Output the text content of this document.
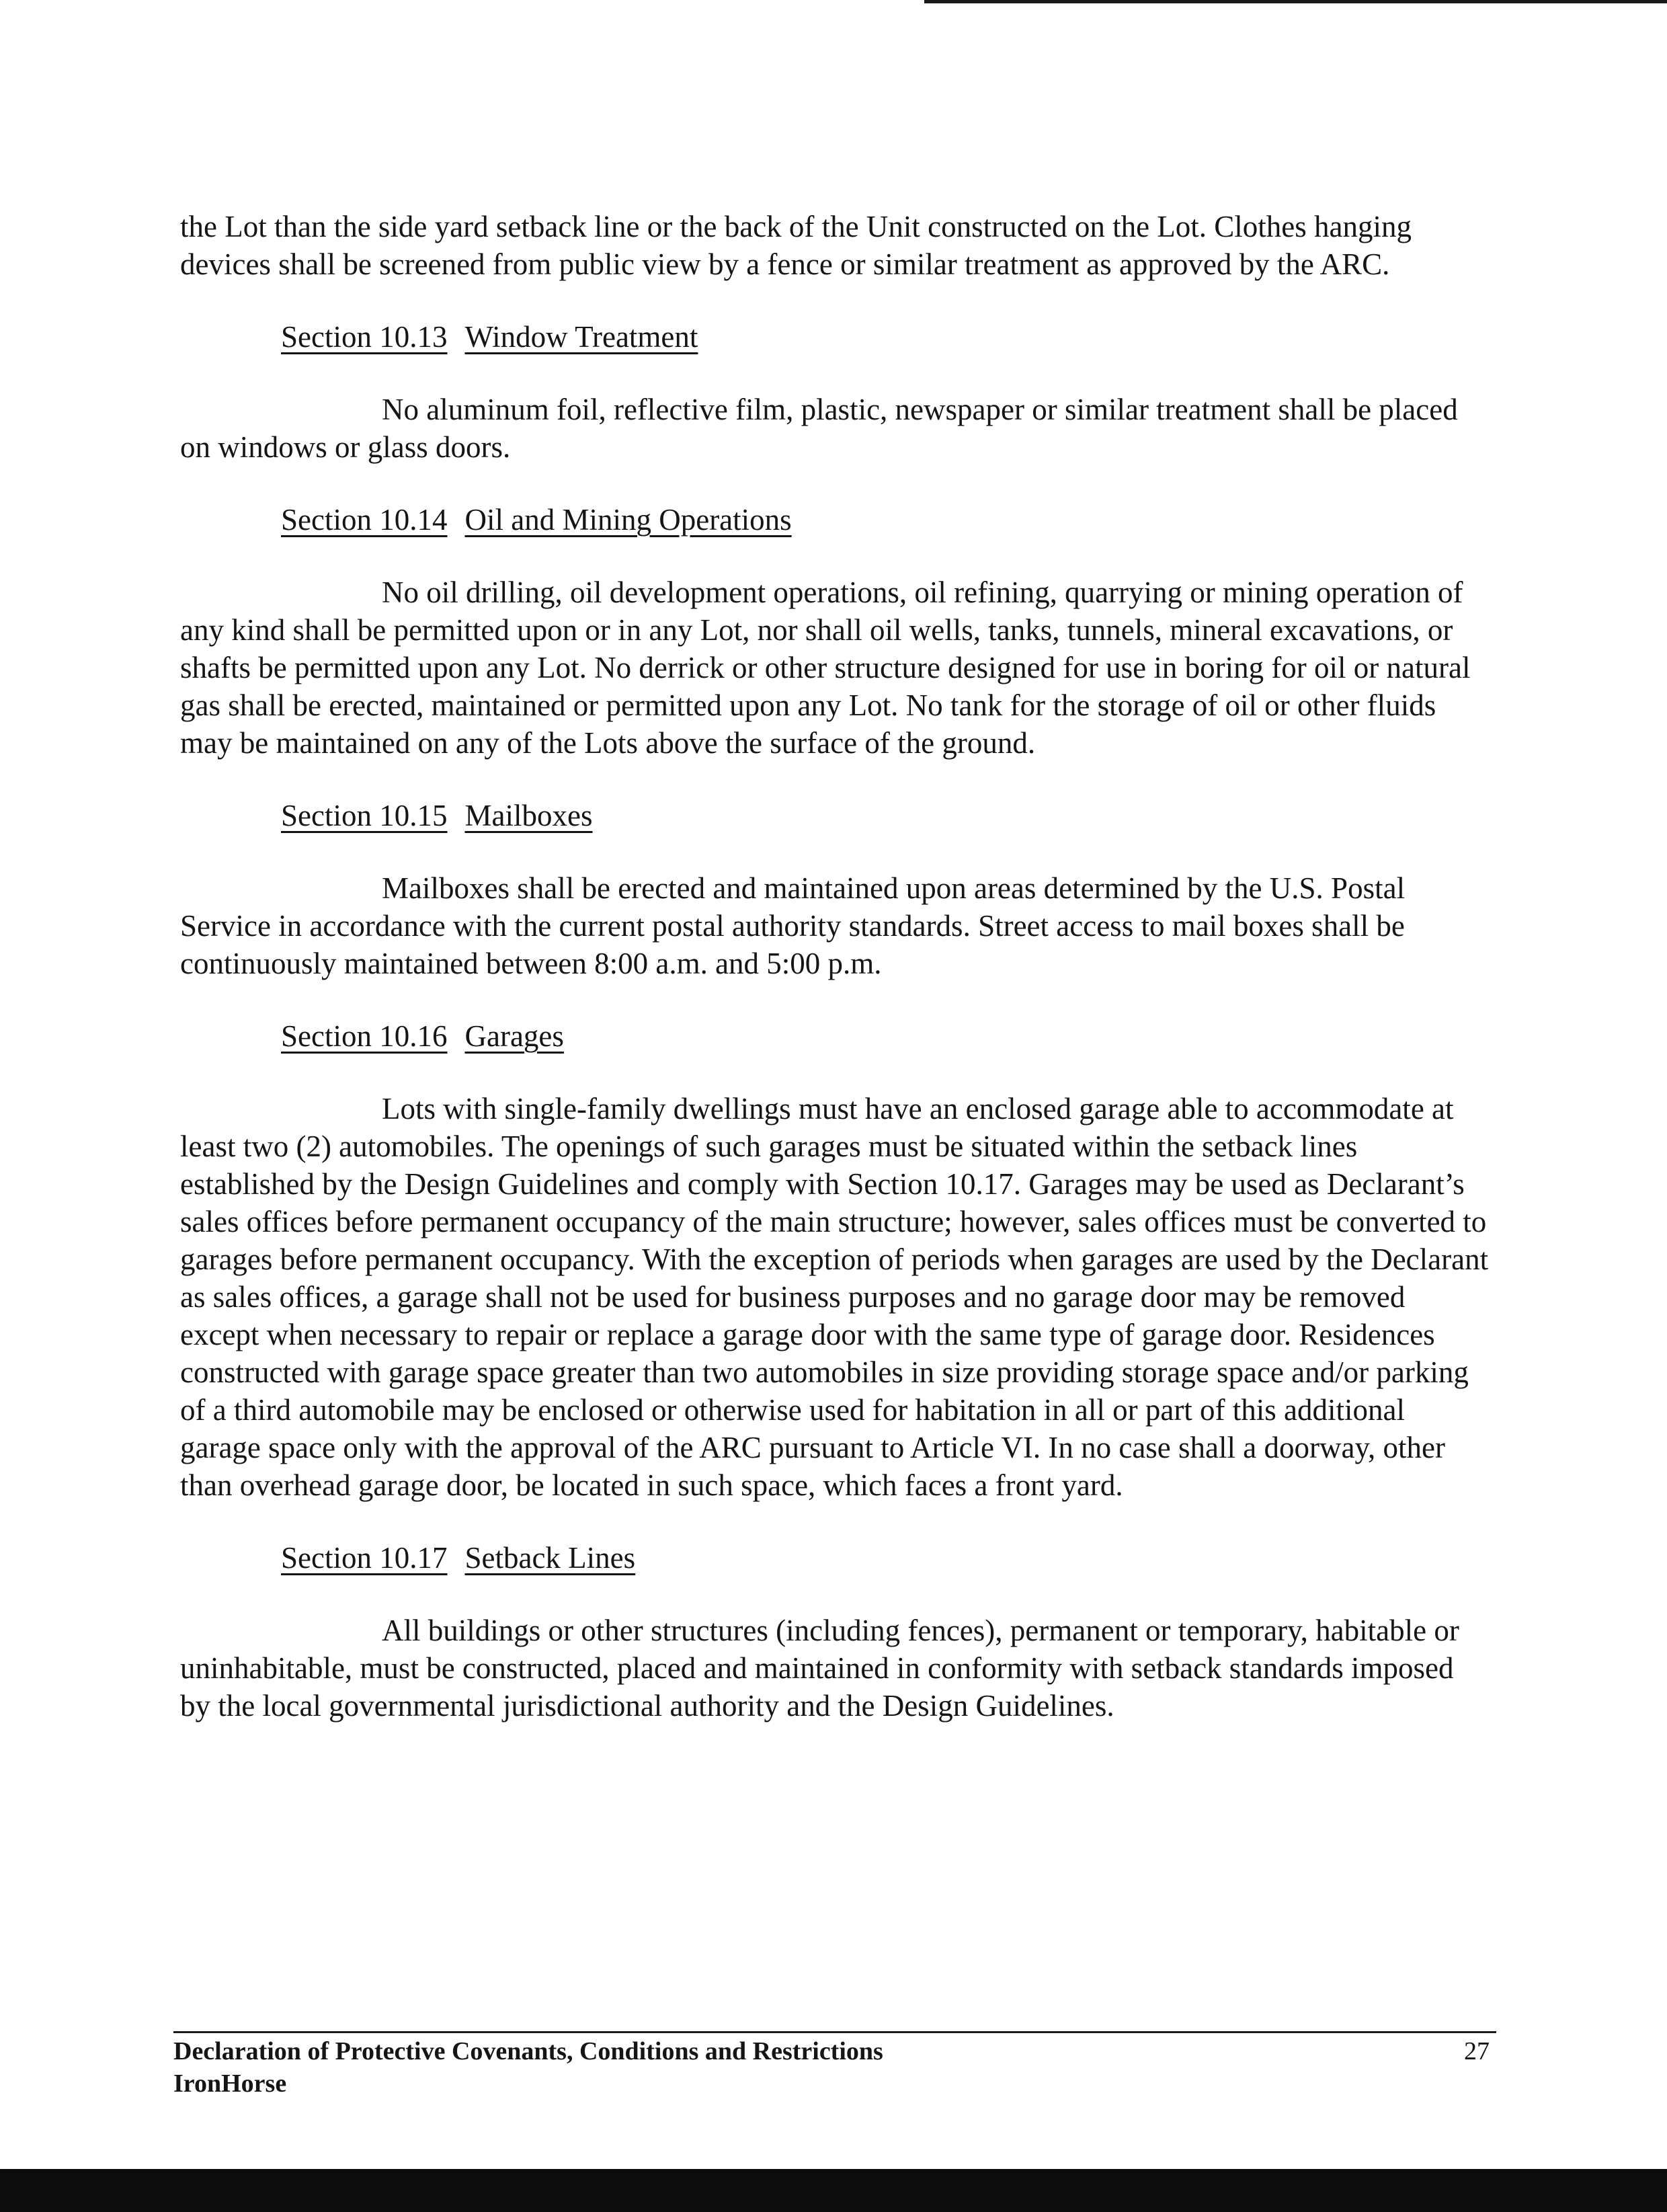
the Lot than the side yard setback line or the back of the Unit constructed on the Lot. Clothes hanging devices shall be screened from public view by a fence or similar treatment as approved by the ARC.

Section 10.13 Window Treatment

No aluminum foil, reflective film, plastic, newspaper or similar treatment shall be placed on windows or glass doors.

Section 10.14 Oil and Mining Operations

No oil drilling, oil development operations, oil refining, quarrying or mining operation of any kind shall be permitted upon or in any Lot, nor shall oil wells, tanks, tunnels, mineral excavations, or shafts be permitted upon any Lot. No derrick or other structure designed for use in boring for oil or natural gas shall be erected, maintained or permitted upon any Lot. No tank for the storage of oil or other fluids may be maintained on any of the Lots above the surface of the ground.

Section 10.15 Mailboxes

Mailboxes shall be erected and maintained upon areas determined by the U.S. Postal Service in accordance with the current postal authority standards. Street access to mail boxes shall be continuously maintained between 8:00 a.m. and 5:00 p.m.

Section 10.16 Garages

Lots with single-family dwellings must have an enclosed garage able to accommodate at least two (2) automobiles. The openings of such garages must be situated within the setback lines established by the Design Guidelines and comply with Section 10.17. Garages may be used as Declarant’s sales offices before permanent occupancy of the main structure; however, sales offices must be converted to garages before permanent occupancy. With the exception of periods when garages are used by the Declarant as sales offices, a garage shall not be used for business purposes and no garage door may be removed except when necessary to repair or replace a garage door with the same type of garage door. Residences constructed with garage space greater than two automobiles in size providing storage space and/or parking of a third automobile may be enclosed or otherwise used for habitation in all or part of this additional garage space only with the approval of the ARC pursuant to Article VI. In no case shall a doorway, other than overhead garage door, be located in such space, which faces a front yard.

Section 10.17 Setback Lines

All buildings or other structures (including fences), permanent or temporary, habitable or uninhabitable, must be constructed, placed and maintained in conformity with setback standards imposed by the local governmental jurisdictional authority and the Design Guidelines.

Declaration of Protective Covenants, Conditions and Restrictions

IronHorse

27
